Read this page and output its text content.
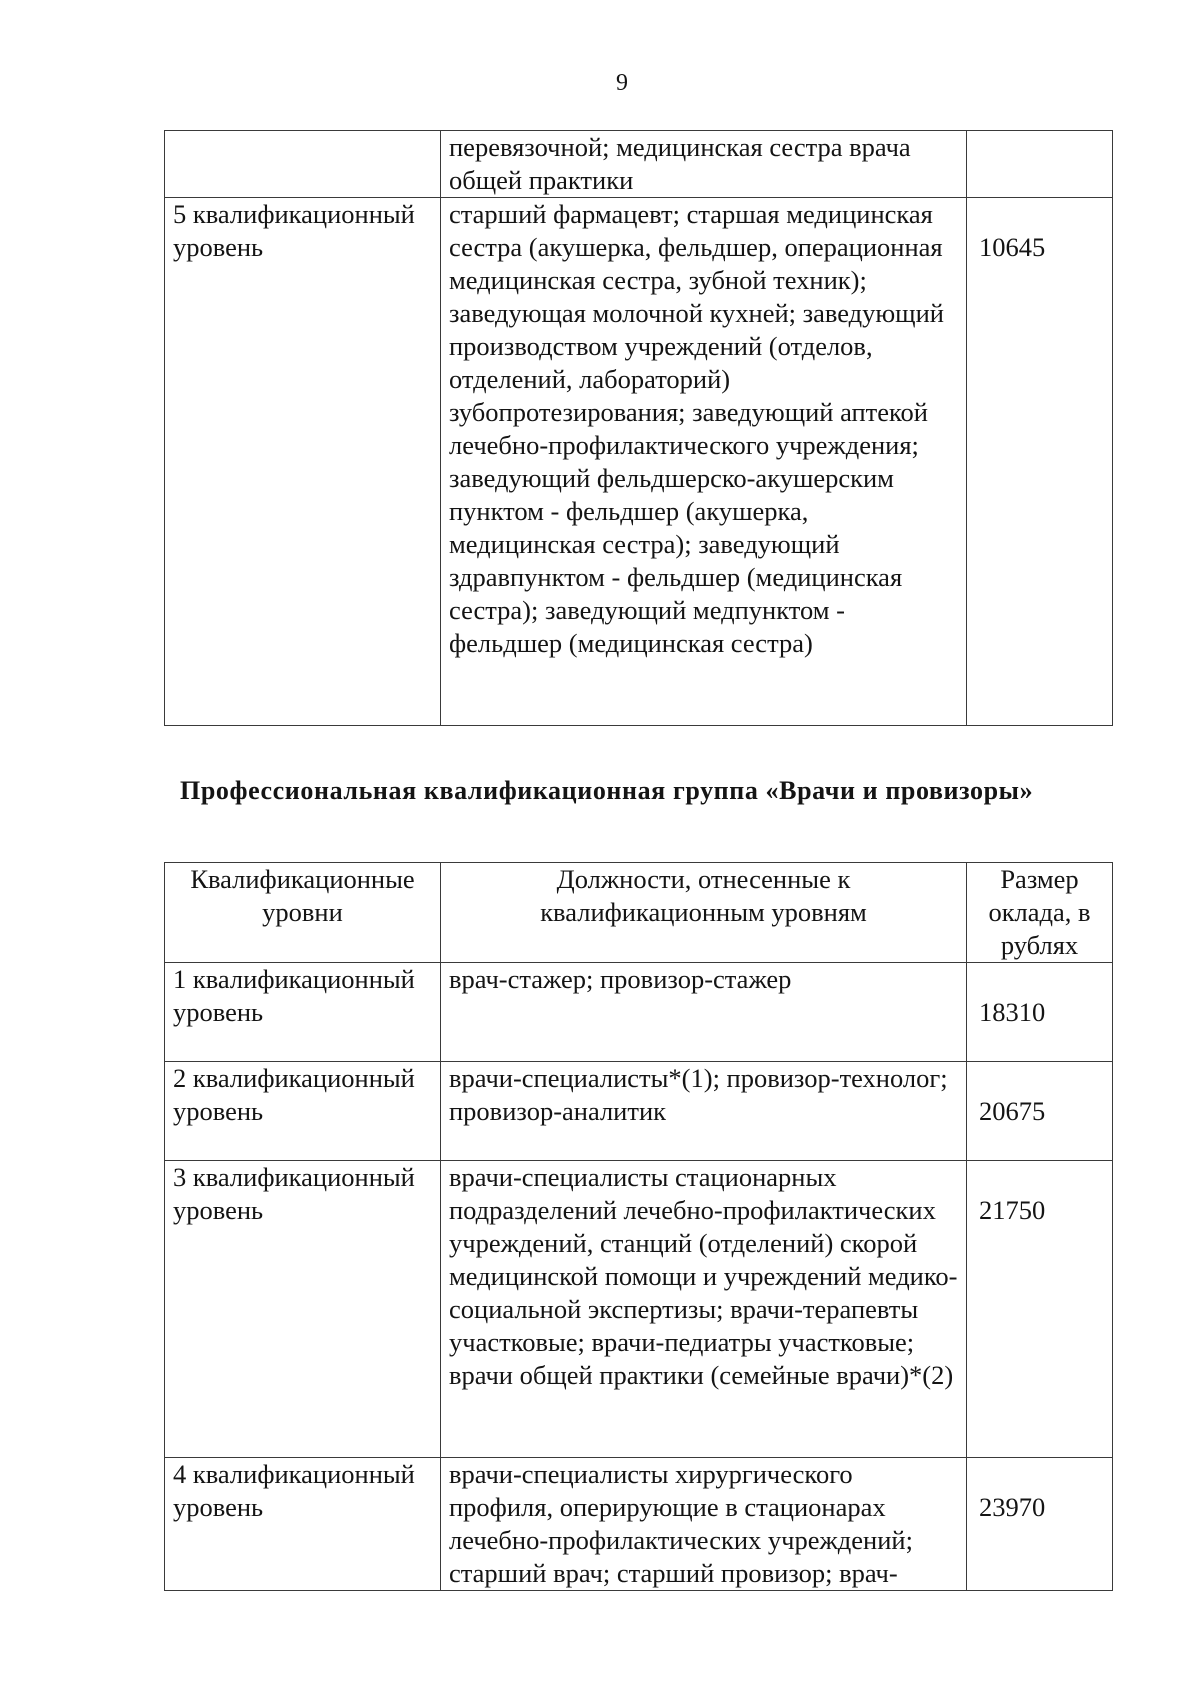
9
	перевязочной; медицинская сестра врача общей практики	
5 квалификационный уровень	старший фармацевт; старшая медицинская сестра (акушерка, фельдшер, операционная медицинская сестра, зубной техник); заведующая молочной кухней; заведующий производством учреждений (отделов, отделений, лабораторий) зубопротезирования; заведующий аптекой лечебно-профилактического учреждения; заведующий фельдшерско-акушерским пунктом - фельдшер (акушерка, медицинская сестра); заведующий здравпунктом - фельдшер (медицинская сестра); заведующий медпунктом - фельдшер (медицинская сестра)	10645
Профессиональная квалификационная группа «Врачи и провизоры»
Квалификационные уровни	Должности, отнесенные к квалификационным уровням	Размер оклада, в рублях
1 квалификационный уровень	врач-стажер; провизор-стажер	18310

2 квалификационный уровень	врачи-специалисты*(1); провизор-технолог; провизор-аналитик	20675

3 квалификационный уровень	врачи-специалисты стационарных подразделений лечебно-профилактических учреждений, станций (отделений) скорой медицинской помощи и учреждений медико-социальной экспертизы; врачи-терапевты участковые; врачи-педиатры участковые; врачи общей практики (семейные врачи)*(2)	21750

4 квалификационный уровень	врачи-специалисты хирургического профиля, оперирующие в стационарах лечебно-профилактических учреждений; старший врач; старший провизор; врач-	23970
